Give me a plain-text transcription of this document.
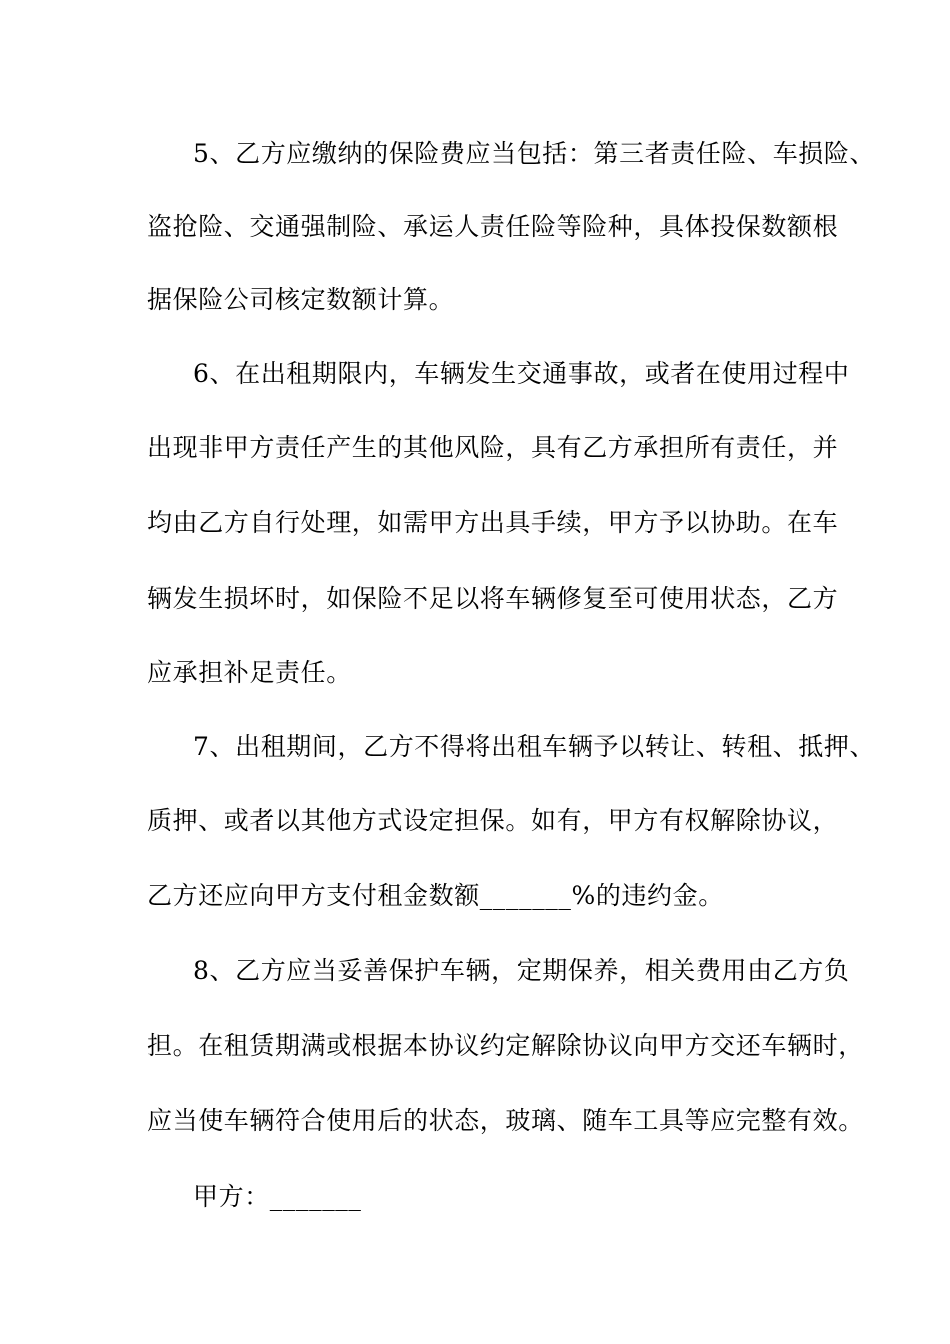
5、乙方应缴纳的保险费应当包括：第三者责任险、车损险、
盗抢险、交通强制险、承运人责任险等险种，具体投保数额根
据保险公司核定数额计算。
6、在出租期限内，车辆发生交通事故，或者在使用过程中
出现非甲方责任产生的其他风险，具有乙方承担所有责任，并
均由乙方自行处理，如需甲方出具手续，甲方予以协助。在车
辆发生损坏时，如保险不足以将车辆修复至可使用状态，乙方
应承担补足责任。
7、出租期间，乙方不得将出租车辆予以转让、转租、抵押、
质押、或者以其他方式设定担保。如有，甲方有权解除协议，
乙方还应向甲方支付租金数额_______%的违约金。
8、乙方应当妥善保护车辆，定期保养，相关费用由乙方负
担。在租赁期满或根据本协议约定解除协议向甲方交还车辆时，
应当使车辆符合使用后的状态，玻璃、随车工具等应完整有效。
甲方：_______
